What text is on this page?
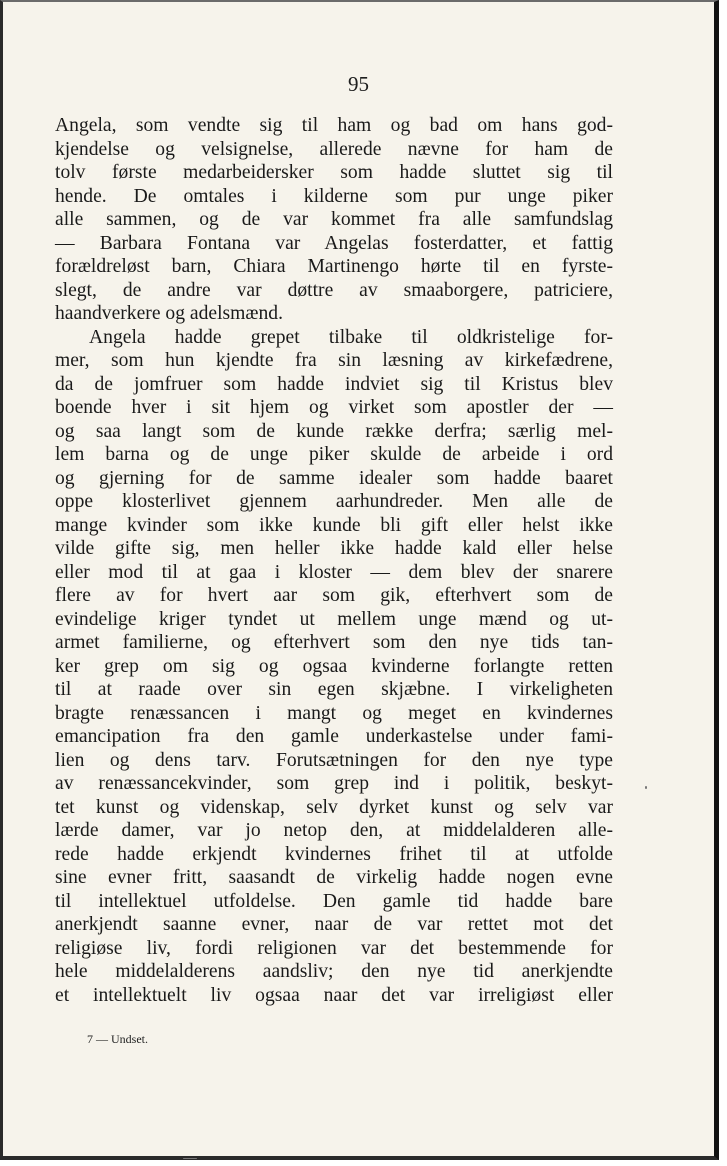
95
Angela, som vendte sig til ham og bad om hans god-
kjendelse og velsignelse, allerede nævne for ham de
tolv første medarbeidersker som hadde sluttet sig til
hende. De omtales i kilderne som pur unge piker
alle sammen, og de var kommet fra alle samfundslag
— Barbara Fontana var Angelas fosterdatter, et fattig
forældreløst barn, Chiara Martinengo hørte til en fyrste-
slegt, de andre var døttre av smaaborgere, patriciere,
haandverkere og adelsmænd.
Angela hadde grepet tilbake til oldkristelige for-
mer, som hun kjendte fra sin læsning av kirkefædrene,
da de jomfruer som hadde indviet sig til Kristus blev
boende hver i sit hjem og virket som apostler der —
og saa langt som de kunde række derfra; særlig mel-
lem barna og de unge piker skulde de arbeide i ord
og gjerning for de samme idealer som hadde baaret
oppe klosterlivet gjennem aarhundreder. Men alle de
mange kvinder som ikke kunde bli gift eller helst ikke
vilde gifte sig, men heller ikke hadde kald eller helse
eller mod til at gaa i kloster — dem blev der snarere
flere av for hvert aar som gik, efterhvert som de
evindelige kriger tyndet ut mellem unge mænd og ut-
armet familierne, og efterhvert som den nye tids tan-
ker grep om sig og ogsaa kvinderne forlangte retten
til at raade over sin egen skjæbne. I virkeligheten
bragte renæssancen i mangt og meget en kvindernes
emancipation fra den gamle underkastelse under fami-
lien og dens tarv. Forutsætningen for den nye type
av renæssancekvinder, som grep ind i politik, beskyt-
tet kunst og videnskap, selv dyrket kunst og selv var
lærde damer, var jo netop den, at middelalderen alle-
rede hadde erkjendt kvindernes frihet til at utfolde
sine evner fritt, saasandt de virkelig hadde nogen evne
til intellektuel utfoldelse. Den gamle tid hadde bare
anerkjendt saanne evner, naar de var rettet mot det
religiøse liv, fordi religionen var det bestemmende for
hele middelalderens aandsliv; den nye tid anerkjendte
et intellektuelt liv ogsaa naar det var irreligiøst eller
7 — Undset.
